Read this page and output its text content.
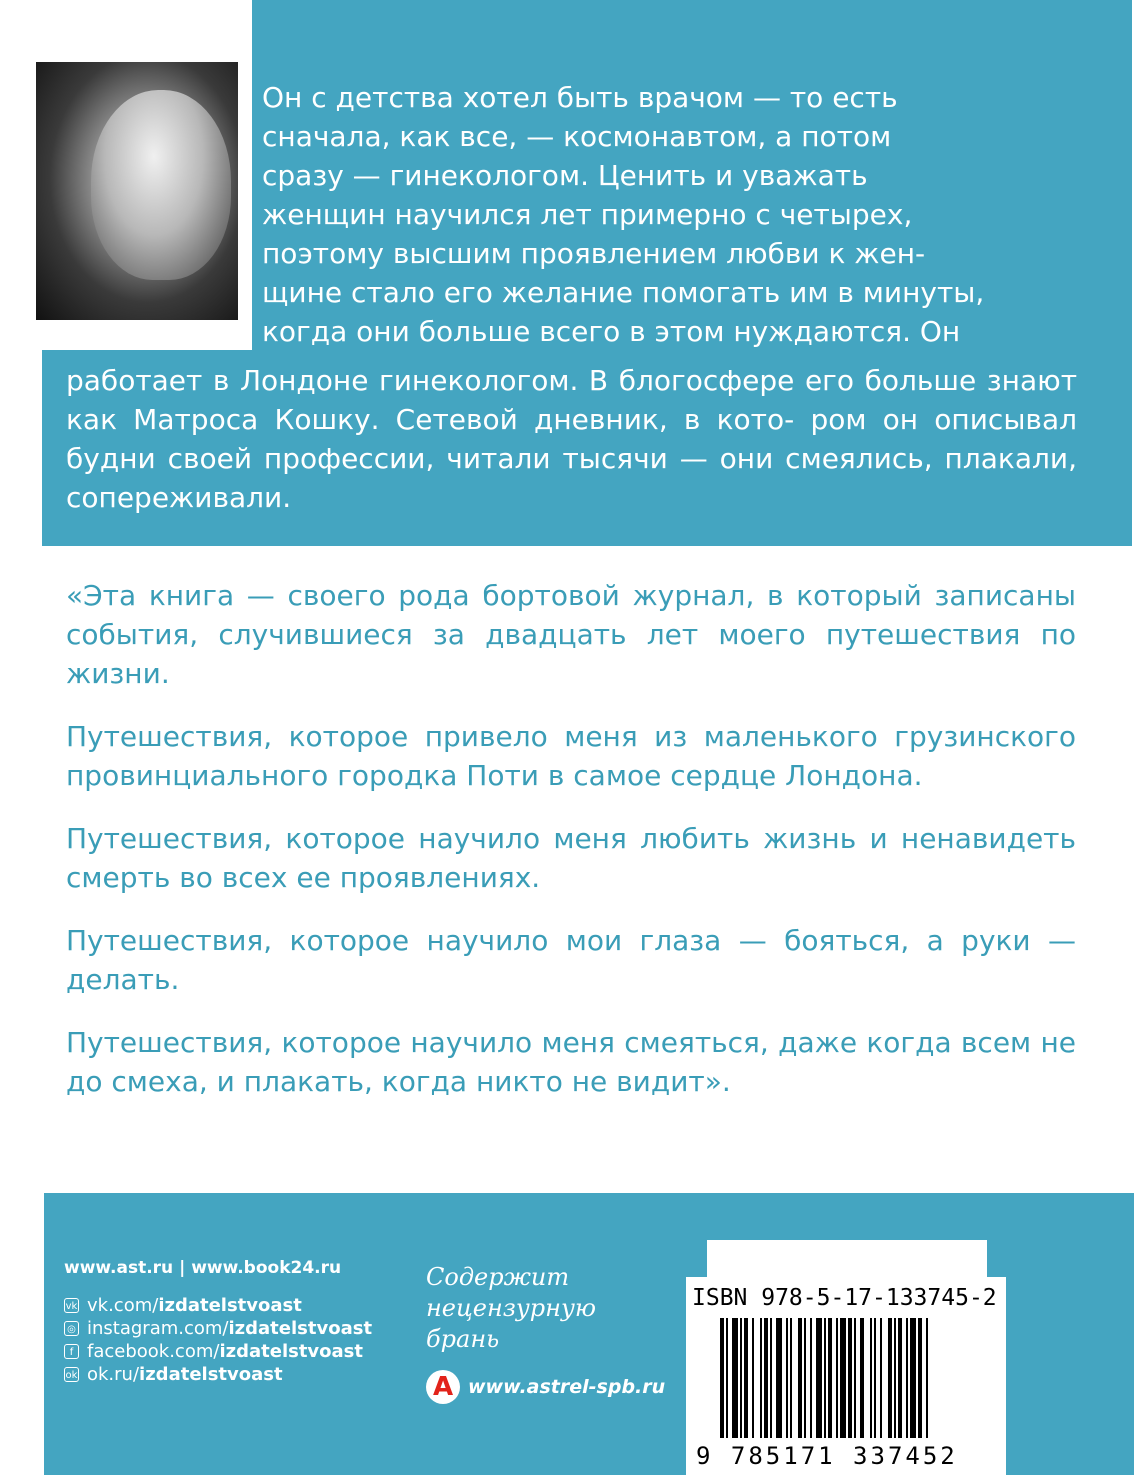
Он с детства хотел быть врачом — то есть
сначала, как все, — космонавтом, а потом
сразу — гинекологом. Ценить и уважать
женщин научился лет примерно с четырех,
поэтому высшим проявлением любви к жен-
щине стало его желание помогать им в минуты,
когда они больше всего в этом нуждаются. Он

работает в Лондоне гинекологом. В блогосфере его больше знают как Матроса Кошку. Сетевой дневник, в кото- ром он описывал будни своей профессии, читали тысячи — они смеялись, плакали, сопереживали.

«Эта книга — своего рода бортовой журнал, в который записаны события, случившиеся за двадцать лет моего путешествия по жизни.

Путешествия, которое привело меня из маленького грузинского провинциального городка Поти в самое сердце Лондона.

Путешествия, которое научило меня любить жизнь и ненавидеть смерть во всех ее проявлениях.

Путешествия, которое научило мои глаза — бояться, а руки — делать.

Путешествия, которое научило меня смеяться, даже когда всем не до смеха, и плакать, когда никто не видит».

www.ast.ru | www.book24.ru
vk vk.com/ izdatelstvoast
◎ instagram.com/ izdatelstvoast
f facebook.com/ izdatelstvoast
ok ok.ru/ izdatelstvoast
Содержит
нецензурную
брань
А www.astrel-spb.ru
ISBN 978-5-17-133745-2
9 785171 337452
